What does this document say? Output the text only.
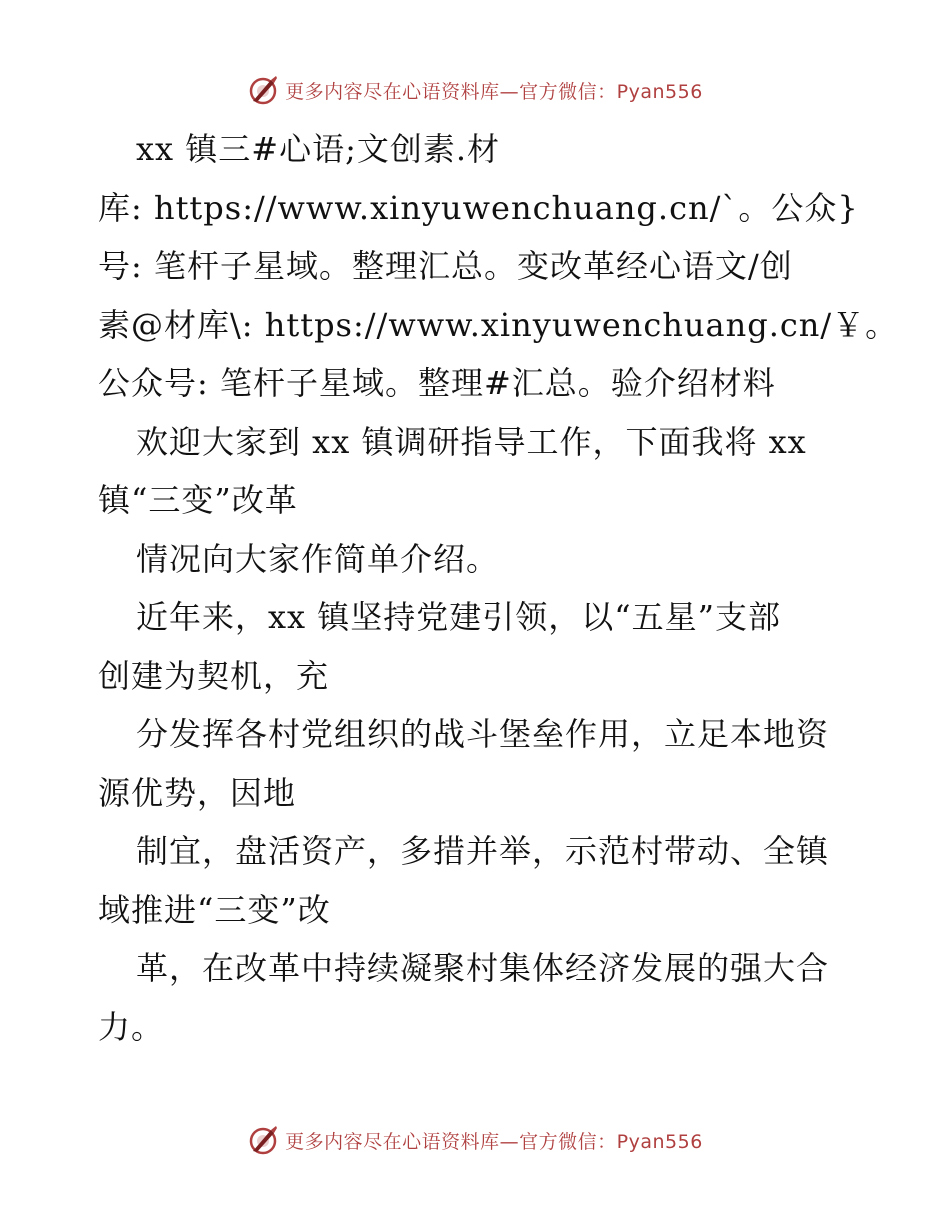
更多内容尽在心语资料库—官方微信：Pyan556
xx 镇三#心语;文创素.材
库: https://www.xinyuwenchuang.cn/`。公众}
号: 笔杆子星域。整理汇总。变改革经心语文/创
素@材库\: https://www.xinyuwenchuang.cn/￥。
公众号: 笔杆子星域。整理#汇总。验介绍材料
欢迎大家到 xx 镇调研指导工作，下面我将 xx
镇“三变”改革
情况向大家作简单介绍。
近年来，xx 镇坚持党建引领，以“五星”支部
创建为契机，充
分发挥各村党组织的战斗堡垒作用，立足本地资
源优势，因地
制宜，盘活资产，多措并举，示范村带动、全镇
域推进“三变”改
革，在改革中持续凝聚村集体经济发展的强大合
力。
更多内容尽在心语资料库—官方微信：Pyan556
